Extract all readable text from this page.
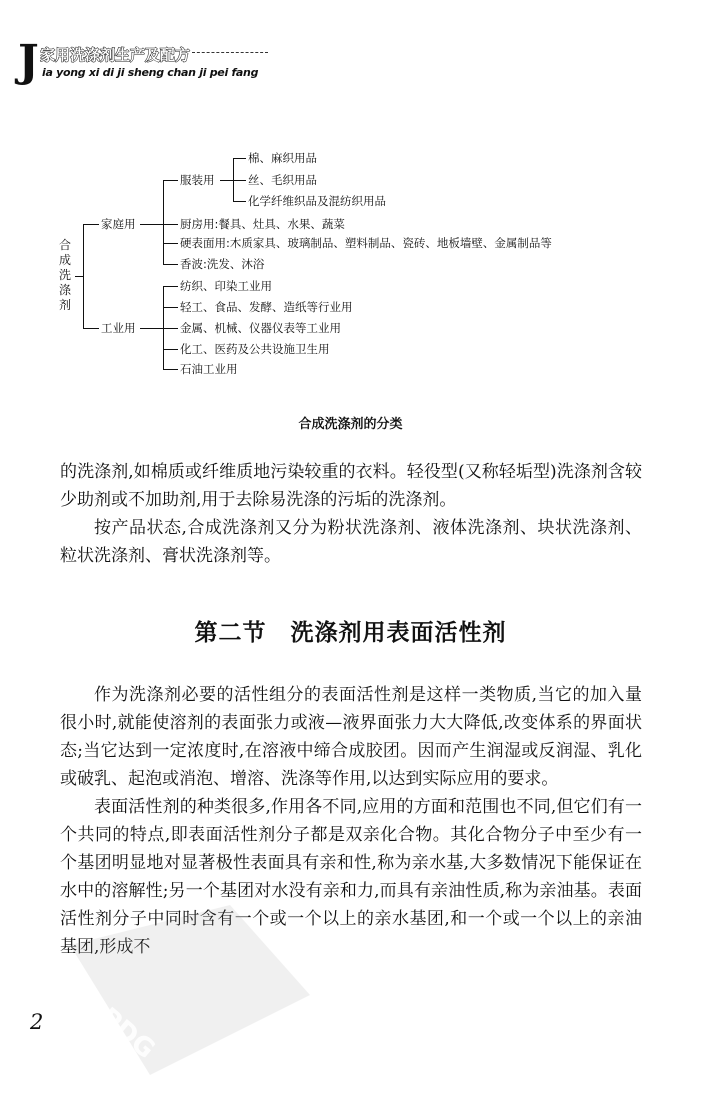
J 家用洗涤剂生产及配方
ia yong xi di ji sheng chan ji pei fang
合成洗涤剂
家庭用
工业用
服装用
厨房用:餐具、灶具、水果、蔬菜
硬表面用:木质家具、玻璃制品、塑料制品、瓷砖、地板墙壁、金属制品等
香波:洗发、沐浴
棉、麻织用品
丝、毛织用品
化学纤维织品及混纺织用品
纺织、印染工业用
轻工、食品、发酵、造纸等行业用
金属、机械、仪器仪表等工业用
化工、医药及公共设施卫生用
石油工业用
合成洗涤剂的分类

的洗涤剂,如棉质或纤维质地污染较重的衣料。轻役型(又称轻垢型)洗涤剂含较少助剂或不加助剂,用于去除易洗涤的污垢的洗涤剂。

按产品状态,合成洗涤剂又分为粉状洗涤剂、液体洗涤剂、块状洗涤剂、粒状洗涤剂、膏状洗涤剂等。

第二节　洗涤剂用表面活性剂

作为洗涤剂必要的活性组分的表面活性剂是这样一类物质,当它的加入量很小时,就能使溶剂的表面张力或液—液界面张力大大降低,改变体系的界面状态;当它达到一定浓度时,在溶液中缔合成胶团。因而产生润湿或反润湿、乳化或破乳、起泡或消泡、增溶、洗涤等作用,以达到实际应用的要求。

表面活性剂的种类很多,作用各不同,应用的方面和范围也不同,但它们有一个共同的特点,即表面活性剂分子都是双亲化合物。其化合物分子中至少有一个基团明显地对显著极性表面具有亲和性,称为亲水基,大多数情况下能保证在水中的溶解性;另一个基团对水没有亲和力,而具有亲油性质,称为亲油基。表面活性剂分子中同时含有一个或一个以上的亲水基团,和一个或一个以上的亲油基团,形成不

2 PDG
